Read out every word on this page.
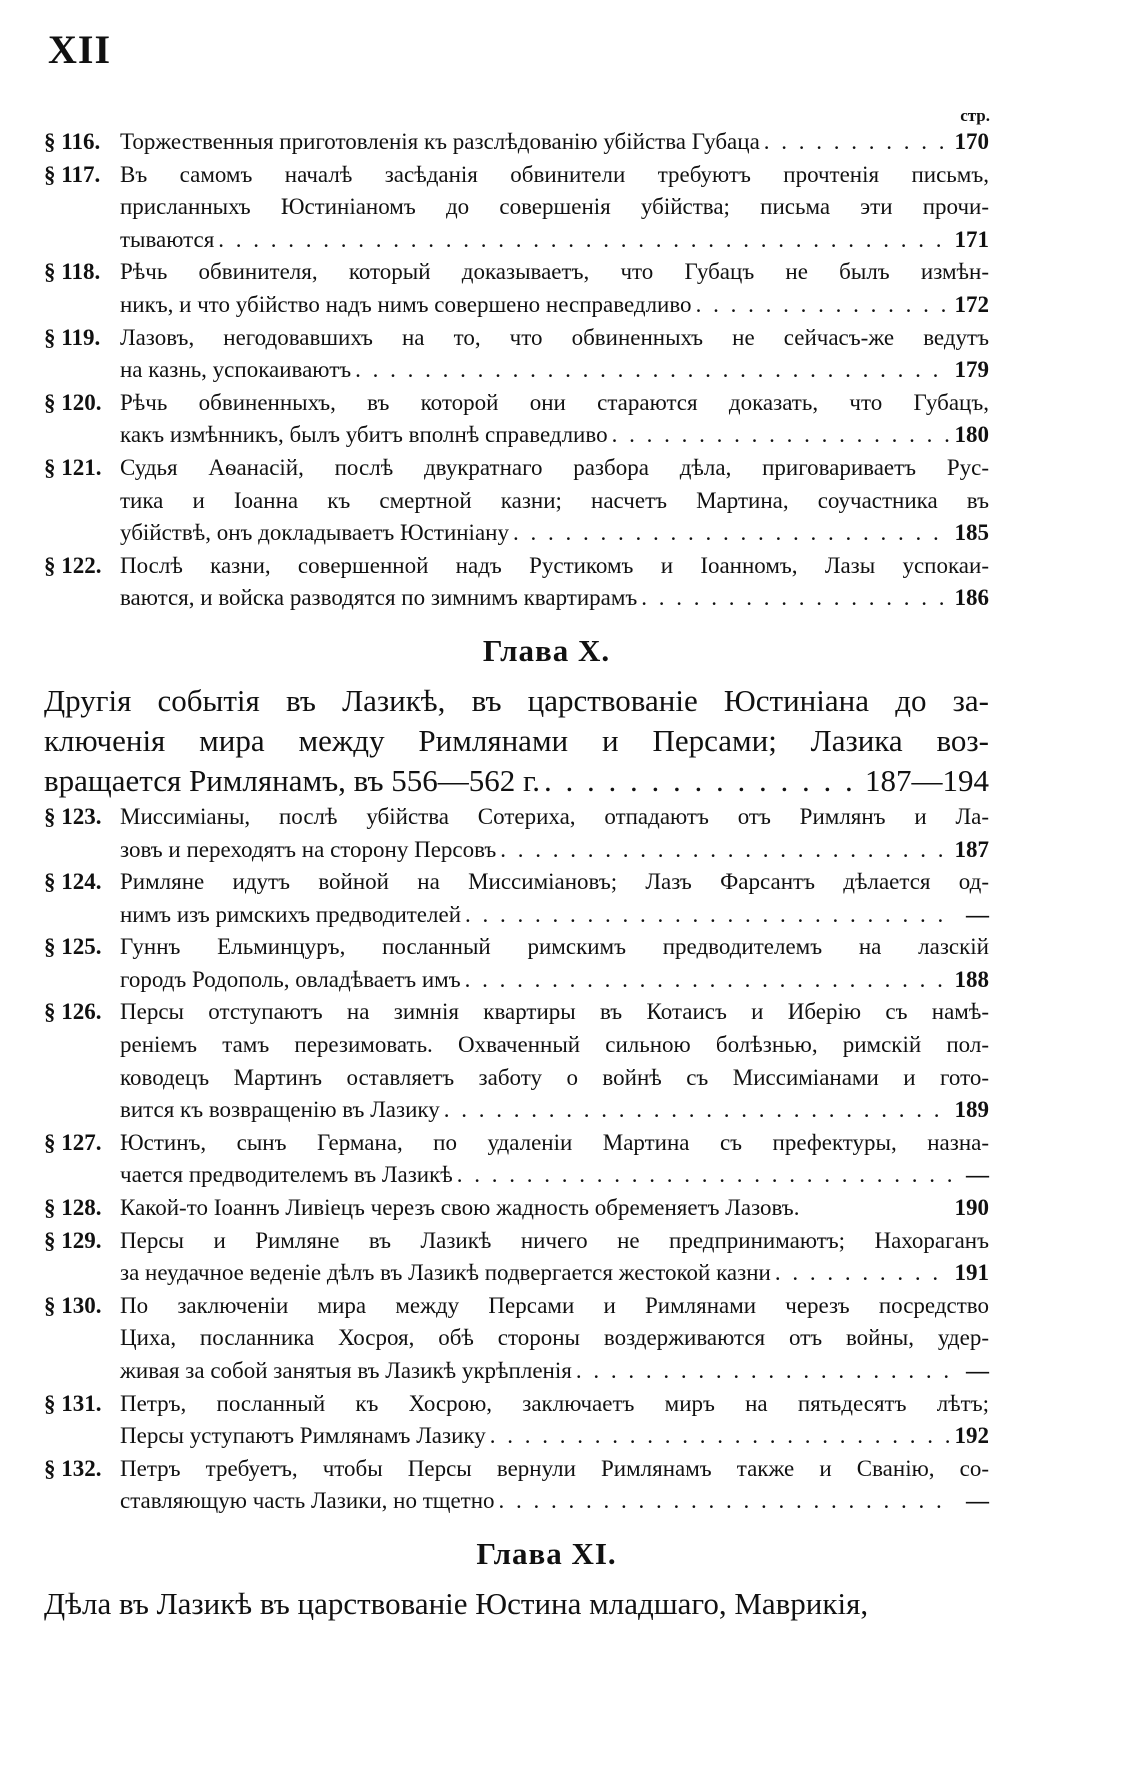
XII
стр.
§ 116. Торжественныя приготовленія къ разслѣдованію убійства Губаца . . .	170
§ 117. Въ самомъ началѣ засѣданія обвинители требуютъ прочтенія письмъ,
присланныхъ Юстиніаномъ до совершенія убійства; письма эти прочи-
тываются . . .	171
§ 118. Рѣчь обвинителя, который доказываетъ, что Губацъ не былъ измѣн-
никъ, и что убійство надъ нимъ совершено несправедливо . . .	172
§ 119. Лазовъ, негодовавшихъ на то, что обвиненныхъ не сейчасъ-же ведутъ
на казнь, успокаиваютъ . . .	179
§ 120. Рѣчь обвиненныхъ, въ которой они стараются доказать, что Губацъ,
какъ измѣнникъ, былъ убитъ вполнѣ справедливо . . .	180
§ 121. Судья Аѳанасій, послѣ двукратнаго разбора дѣла, приговариваетъ Рус-
тика и Іоанна къ смертной казни; насчетъ Мартина, соучастника въ
убійствѣ, онъ докладываетъ Юстиніану . . .	185
§ 122. Послѣ казни, совершенной надъ Рустикомъ и Іоанномъ, Лазы успокаи-
ваются, и войска разводятся по зимнимъ квартирамъ . . .	186
Глава X.
Другія событія въ Лазикѣ, въ царствованіе Юстиніана до за-
ключенія мира между Римлянами и Персами; Лазика воз-
вращается Римлянамъ, въ 556—562 г. . . .	187—194
§ 123. Миссиміаны, послѣ убійства Сотериха, отпадаютъ отъ Римлянъ и Ла-
зовъ и переходятъ на сторону Персовъ . . .	187
§ 124. Римляне идутъ войной на Миссиміановъ; Лазъ Фарсантъ дѣлается од-
нимъ изъ римскихъ предводителей . . .	—
§ 125. Гуннъ Ельминцуръ, посланный римскимъ предводителемъ на лазскій
городъ Родополь, овладѣваетъ имъ . . .	188
§ 126. Персы отступаютъ на зимнія квартиры въ Котаисъ и Иберію съ намѣ-
реніемъ тамъ перезимовать. Охваченный сильною болѣзнью, римскій пол-
ководецъ Мартинъ оставляетъ заботу о войнѣ съ Миссиміанами и гото-
вится къ возвращенію въ Лазику . . .	189
§ 127. Юстинъ, сынъ Германа, по удаленіи Мартина съ префектуры, назна-
чается предводителемъ въ Лазикѣ . . .	—
§ 128. Какой-то Іоаннъ Ливіецъ черезъ свою жадность обременяетъ Лазовъ.	190
§ 129. Персы и Римляне въ Лазикѣ ничего не предпринимаютъ; Нахораганъ
за неудачное веденіе дѣлъ въ Лазикѣ подвергается жестокой казни . . .	191
§ 130. По заключеніи мира между Персами и Римлянами черезъ посредство
Циха, посланника Хосроя, обѣ стороны воздерживаются отъ войны, удер-
живая за собой занятыя въ Лазикѣ укрѣпленія . . .	—
§ 131. Петръ, посланный къ Хосрою, заключаетъ миръ на пятьдесятъ лѣтъ;
Персы уступаютъ Римлянамъ Лазику . . .	192
§ 132. Петръ требуетъ, чтобы Персы вернули Римлянамъ также и Сванію, со-
ставляющую часть Лазики, но тщетно . . .	—
Глава XI.
Дѣла въ Лазикѣ въ царствованіе Юстина младшаго, Маврикія,
